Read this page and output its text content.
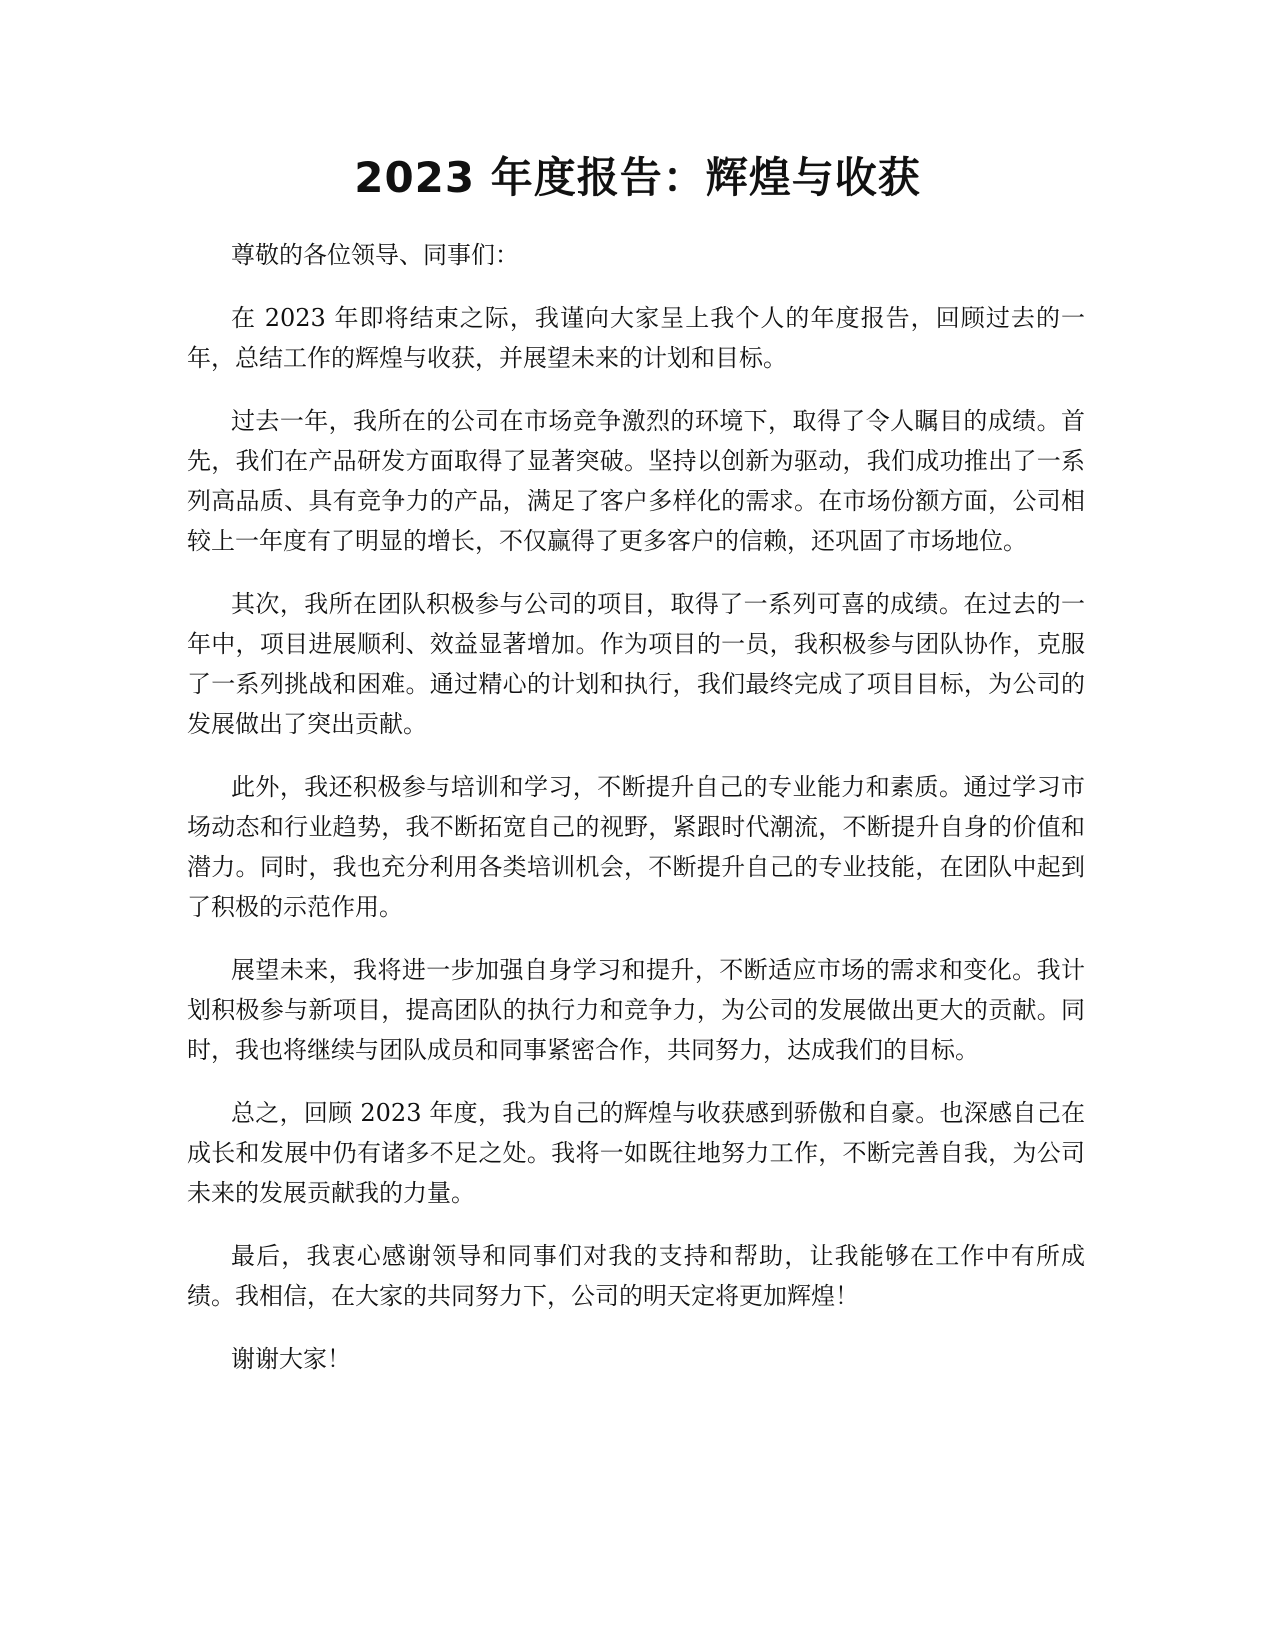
2023 年度报告：辉煌与收获

尊敬的各位领导、同事们：

在 2023 年即将结束之际，我谨向大家呈上我个人的年度报告，回顾过去的一年，总结工作的辉煌与收获，并展望未来的计划和目标。

过去一年，我所在的公司在市场竞争激烈的环境下，取得了令人瞩目的成绩。首先，我们在产品研发方面取得了显著突破。坚持以创新为驱动，我们成功推出了一系列高品质、具有竞争力的产品，满足了客户多样化的需求。在市场份额方面，公司相较上一年度有了明显的增长，不仅赢得了更多客户的信赖，还巩固了市场地位。

其次，我所在团队积极参与公司的项目，取得了一系列可喜的成绩。在过去的一年中，项目进展顺利、效益显著增加。作为项目的一员，我积极参与团队协作，克服了一系列挑战和困难。通过精心的计划和执行，我们最终完成了项目目标，为公司的发展做出了突出贡献。

此外，我还积极参与培训和学习，不断提升自己的专业能力和素质。通过学习市场动态和行业趋势，我不断拓宽自己的视野，紧跟时代潮流，不断提升自身的价值和潜力。同时，我也充分利用各类培训机会，不断提升自己的专业技能，在团队中起到了积极的示范作用。

展望未来，我将进一步加强自身学习和提升，不断适应市场的需求和变化。我计划积极参与新项目，提高团队的执行力和竞争力，为公司的发展做出更大的贡献。同时，我也将继续与团队成员和同事紧密合作，共同努力，达成我们的目标。

总之，回顾 2023 年度，我为自己的辉煌与收获感到骄傲和自豪。也深感自己在成长和发展中仍有诸多不足之处。我将一如既往地努力工作，不断完善自我，为公司未来的发展贡献我的力量。

最后，我衷心感谢领导和同事们对我的支持和帮助，让我能够在工作中有所成绩。我相信，在大家的共同努力下，公司的明天定将更加辉煌！

谢谢大家！
